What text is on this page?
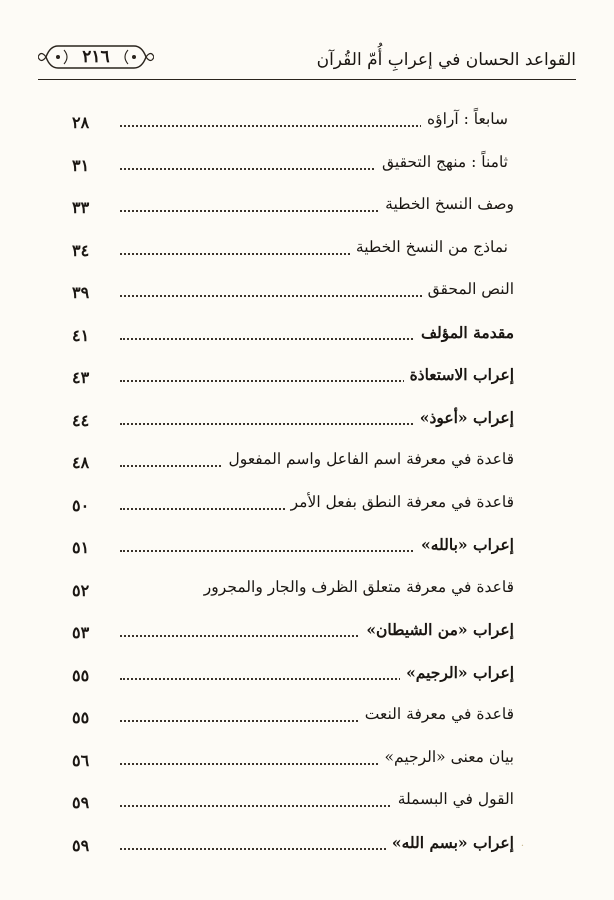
القواعد الحسان في إعرابِ أُمّ القُرآن
٢١٦
سابعاً : آراؤه
٢٨
ثامناً : منهج التحقيق
٣١
وصف النسخ الخطية
٣٣
نماذج من النسخ الخطية
٣٤
النص المحقق
٣٩
مقدمة المؤلف
٤١
إعراب الاستعاذة
٤٣
إعراب «أعوذ»
٤٤
قاعدة في معرفة اسم الفاعل واسم المفعول
٤٨
قاعدة في معرفة النطق بفعل الأمر
٥٠
إعراب «بالله»
٥١
قاعدة في معرفة متعلق الظرف والجار والمجرور
٥٢
إعراب «من الشيطان»
٥٣
إعراب «الرجيم»
٥٥
قاعدة في معرفة النعت
٥٥
بيان معنى «الرجيم»
٥٦
القول في البسملة
٥٩
إعراب «بسم الله»
٥٩	·
